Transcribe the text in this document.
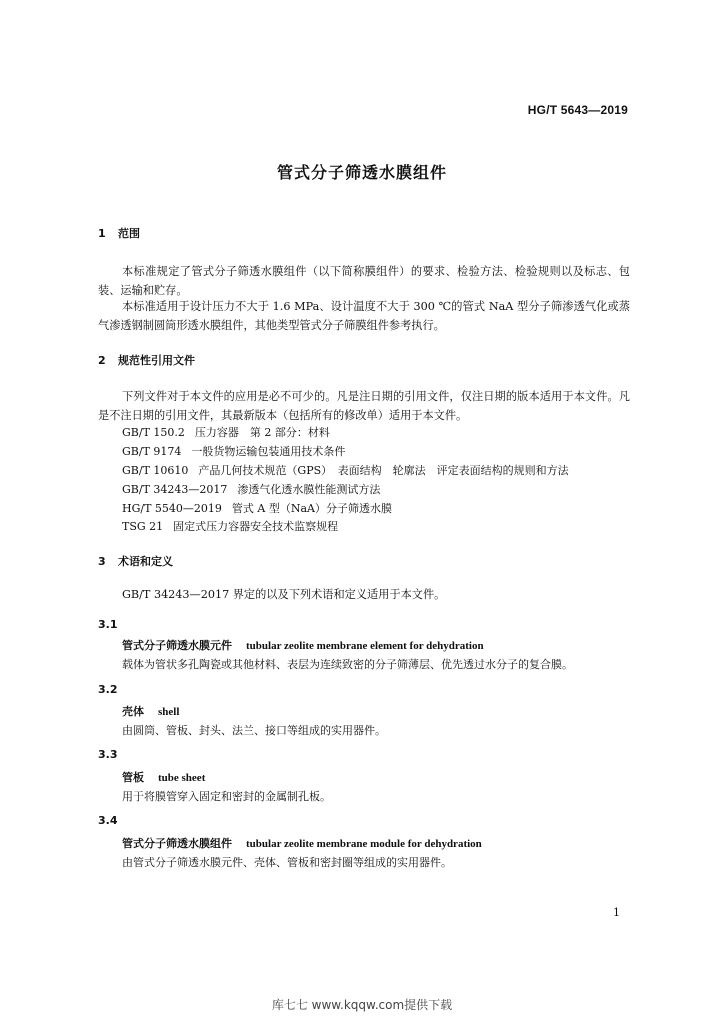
HG/T 5643—2019
管式分子筛透水膜组件
1 范围

本标准规定了管式分子筛透水膜组件（以下简称膜组件）的要求、检验方法、检验规则以及标志、包装、运输和贮存。

本标准适用于设计压力不大于 1.6 MPa、设计温度不大于 300 ℃的管式 NaA 型分子筛渗透气化或蒸气渗透钢制圆筒形透水膜组件，其他类型管式分子筛膜组件参考执行。

2 规范性引用文件

下列文件对于本文件的应用是必不可少的。凡是注日期的引用文件，仅注日期的版本适用于本文件。凡是不注日期的引用文件，其最新版本（包括所有的修改单）适用于本文件。

GB/T 150.2 压力容器　第 2 部分：材料
GB/T 9174 一般货物运输包装通用技术条件
GB/T 10610 产品几何技术规范（GPS）　表面结构　轮廓法　评定表面结构的规则和方法
GB/T 34243—2017 渗透气化透水膜性能测试方法
HG/T 5540—2019 管式 A 型（NaA）分子筛透水膜
TSG 21 固定式压力容器安全技术监察规程
3 术语和定义

GB/T 34243—2017 界定的以及下列术语和定义适用于本文件。

3.1
管式分子筛透水膜元件 tubular zeolite membrane element for dehydration
载体为管状多孔陶瓷或其他材料、表层为连续致密的分子筛薄层、优先透过水分子的复合膜。
3.2
壳体 shell
由圆筒、管板、封头、法兰、接口等组成的实用器件。
3.3
管板 tube sheet
用于将膜管穿入固定和密封的金属制孔板。
3.4
管式分子筛透水膜组件 tubular zeolite membrane module for dehydration
由管式分子筛透水膜元件、壳体、管板和密封圈等组成的实用器件。
1
库七七 www.kqqw.com提供下载
